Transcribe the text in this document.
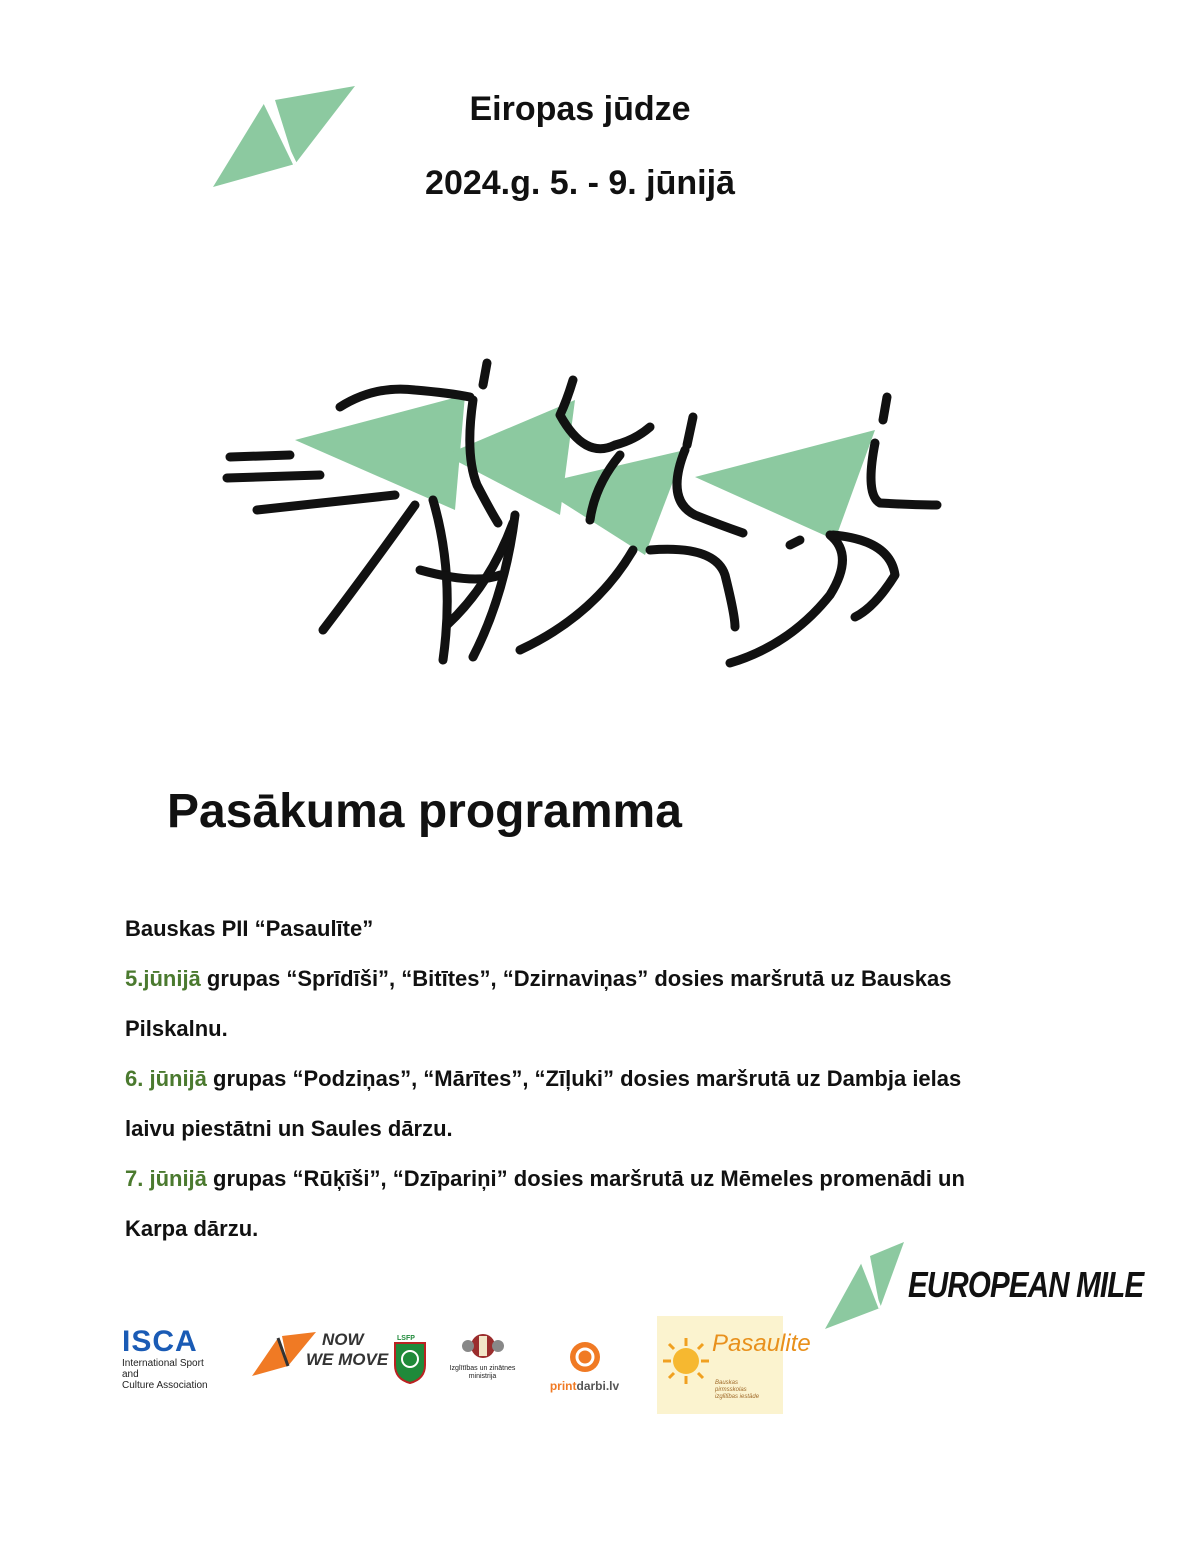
Eiropas jūdze
2024.g. 5. - 9. jūnijā
Pasākuma programma
Bauskas PII “Pasaulīte”
5.jūnijā grupas “Sprīdīši”, “Bitītes”, “Dzirnaviņas” dosies maršrutā uz Bauskas
Pilskalnu.
6. jūnijā grupas “Podziņas”, “Mārītes”, “Zīļuki” dosies maršrutā uz Dambja ielas
laivu piestātni un Saules dārzu.
7. jūnijā grupas “Rūķīši”, “Dzīpariņi” dosies maršrutā uz Mēmeles promenādi un
Karpa dārzu.
EUROPEAN MILE
ISCA
International Sport and
Culture Association
NOW
WE MOVE
LSFP
Izglītības un zinātnes
ministrija
printdarbi.lv
Pasaulite
Bauskas
pirmsskolas
izglītības iestāde
